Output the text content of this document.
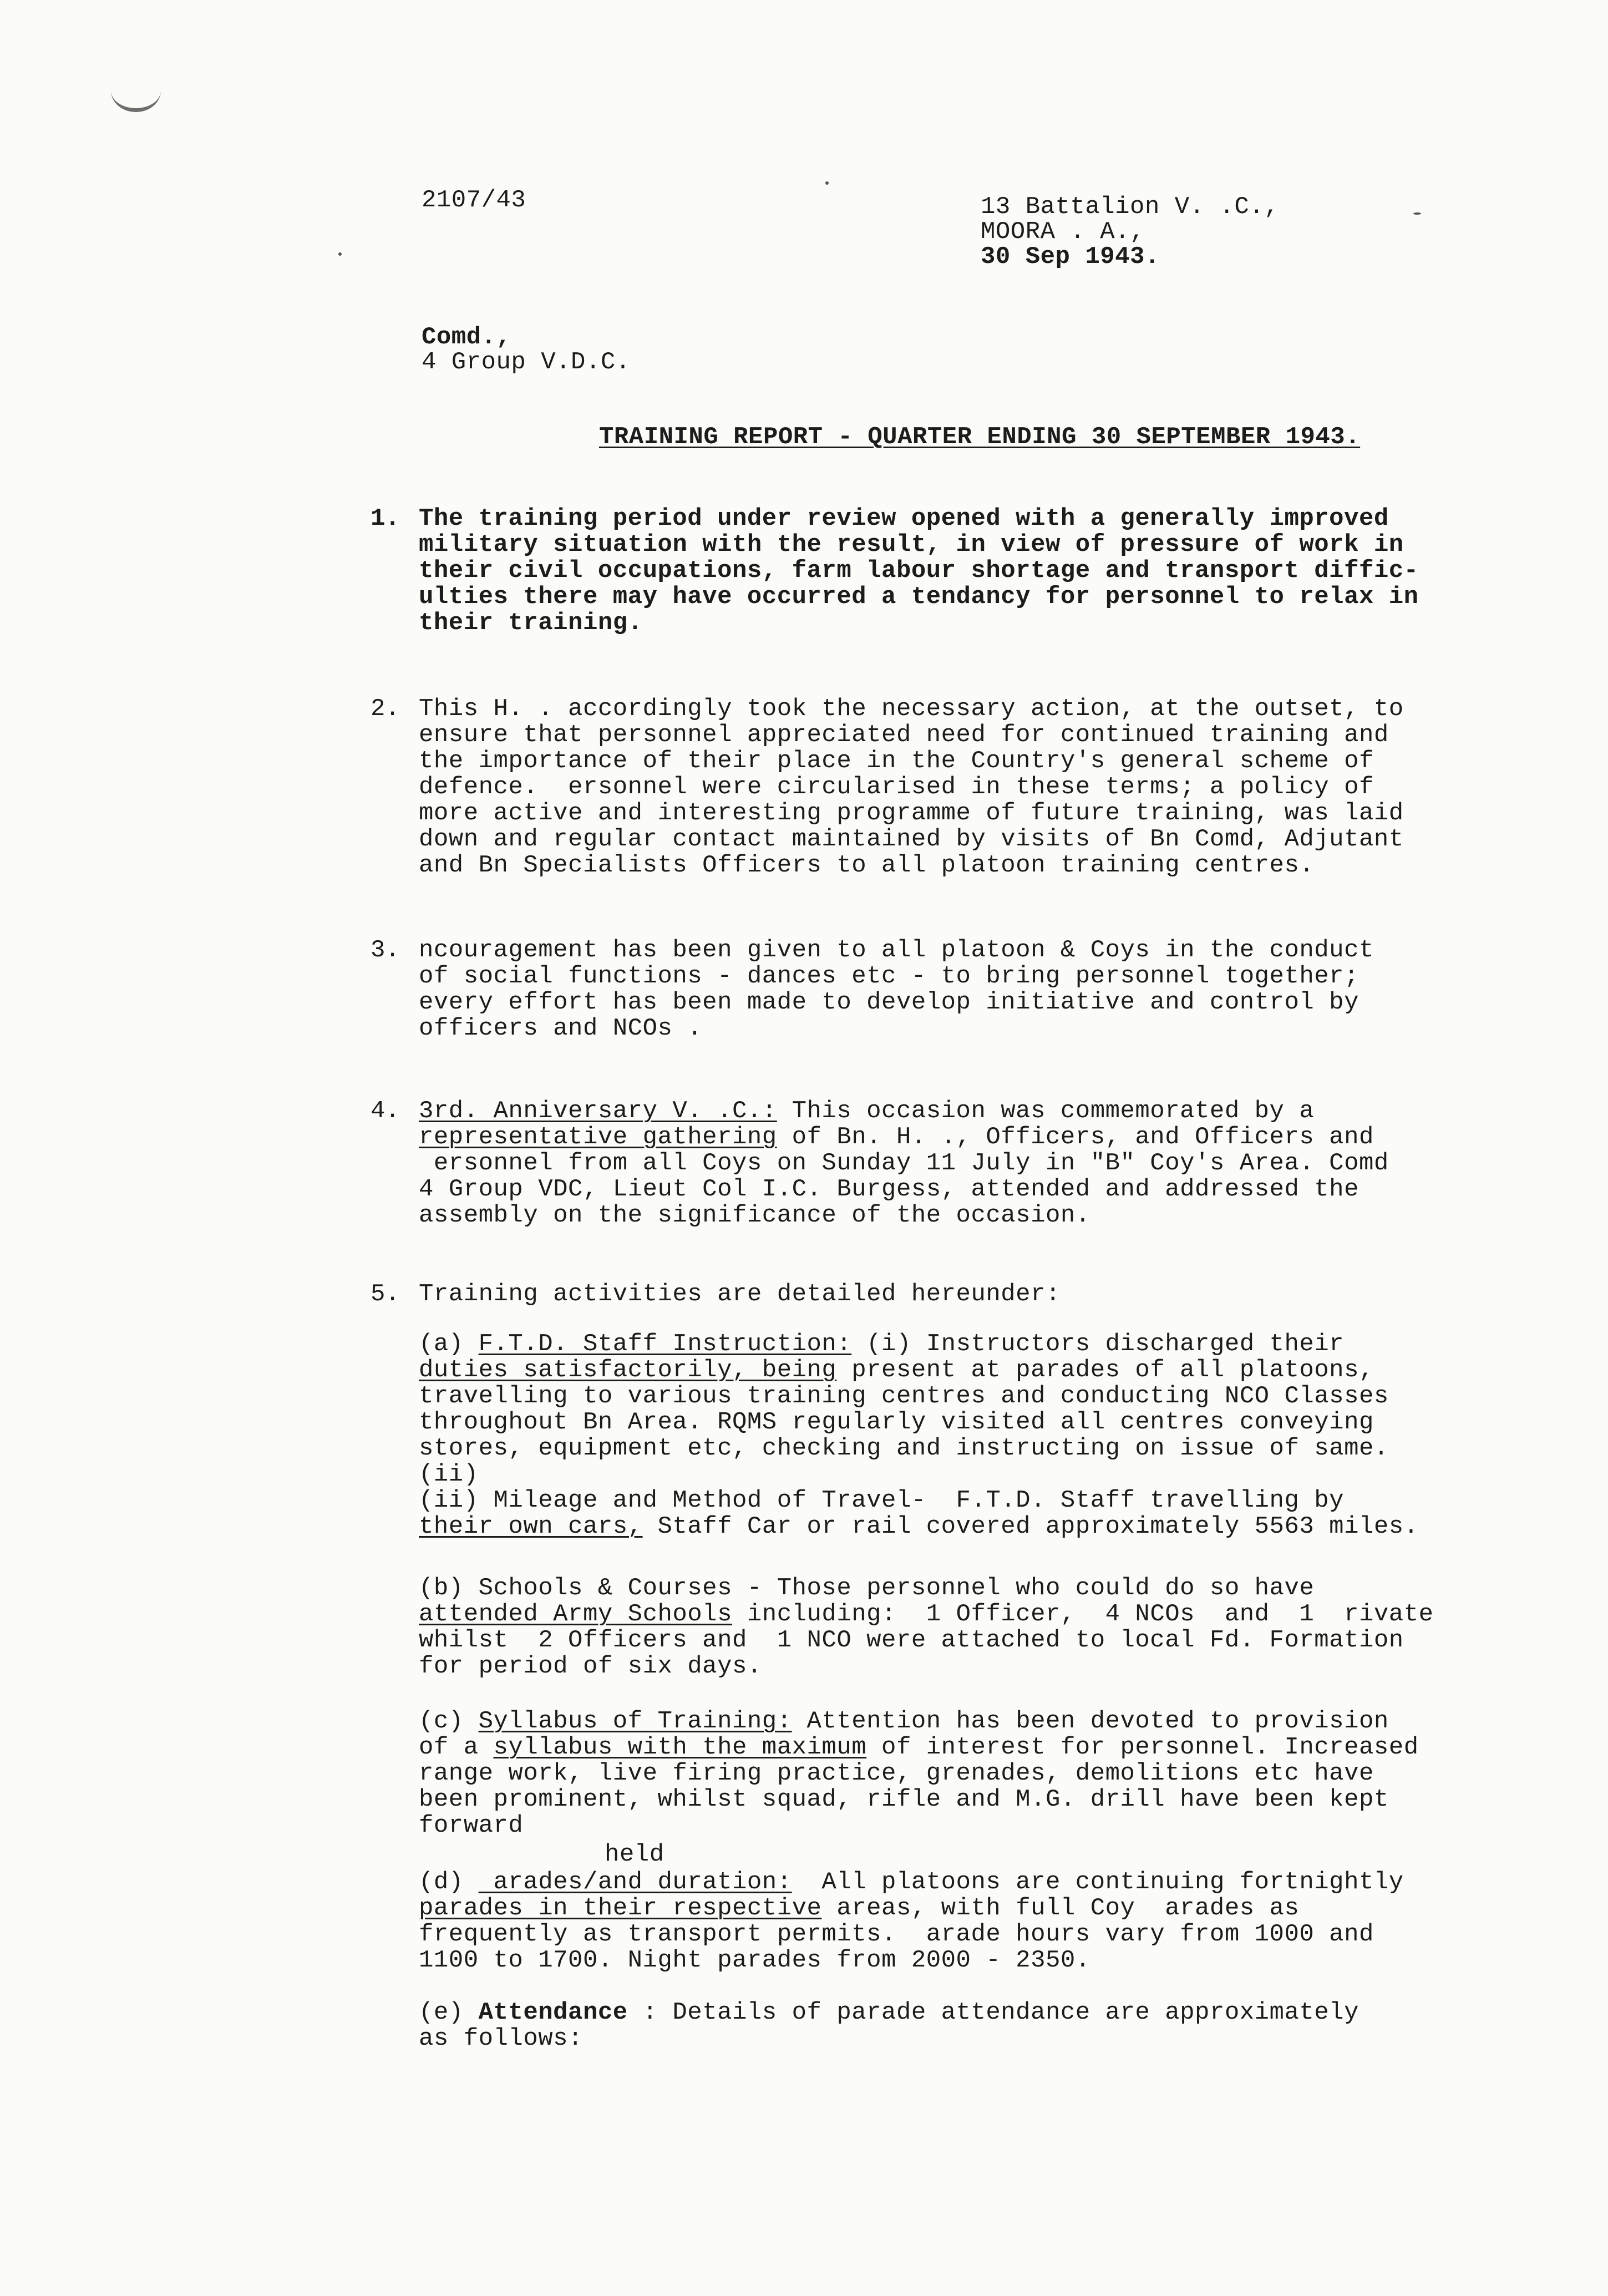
2107/43	13 Battalion V. .C.,
MOORA . A.,
30 Sep 1943.
Comd.,
4 Group V.D.C.
TRAINING REPORT - QUARTER ENDING 30 SEPTEMBER 1943.
1. The training period under review opened with a generally improved
military situation with the result, in view of pressure of work in
their civil occupations, farm labour shortage and transport diffic-
ulties there may have occurred a tendancy for personnel to relax in
their training.
2. This H. . accordingly took the necessary action, at the outset, to
ensure that personnel appreciated need for continued training and
the importance of their place in the Country's general scheme of
defence.  ersonnel were circularised in these terms; a policy of
more active and interesting programme of future training, was laid
down and regular contact maintained by visits of Bn Comd, Adjutant
and Bn Specialists Officers to all platoon training centres.
3. ncouragement has been given to all platoon & Coys in the conduct
of social functions - dances etc - to bring personnel together;
every effort has been made to develop initiative and control by
officers and NCOs .
4. 3rd. Anniversary V. .C.: This occasion was commemorated by a
representative gathering of Bn. H. ., Officers, and Officers and
ersonnel from all Coys on Sunday 11 July in "B" Coy's Area. Comd
4 Group VDC, Lieut Col I.C. Burgess, attended and addressed the
assembly on the significance of the occasion.
5. Training activities are detailed hereunder:
(a) F.T.D. Staff Instruction: (i) Instructors discharged their
duties satisfactorily, being present at parades of all platoons,
travelling to various training centres and conducting NCO Classes
throughout Bn Area. RQMS regularly visited all centres conveying
stores, equipment etc, checking and instructing on issue of same.
(ii)
(ii) Mileage and Method of Travel-  F.T.D. Staff travelling by
their own cars, Staff Car or rail covered approximately 5563 miles.
(b) Schools & Courses - Those personnel who could do so have
attended Army Schools including:  1 Officer,  4 NCOs  and  1  rivate
whilst  2 Officers and  1 NCO were attached to local Fd. Formation
for period of six days.
(c) Syllabus of Training: Attention has been devoted to provision
of a syllabus with the maximum of interest for personnel. Increased
range work, live firing practice, grenades, demolitions etc have
been prominent, whilst squad, rifle and M.G. drill have been kept
forward
held
(d)  arades/and duration:  All platoons are continuing fortnightly
parades in their respective areas, with full Coy  arades as
frequently as transport permits.  arade hours vary from 1000 and
1100 to 1700. Night parades from 2000 - 2350.
(e) Attendance : Details of parade attendance are approximately
as follows:
